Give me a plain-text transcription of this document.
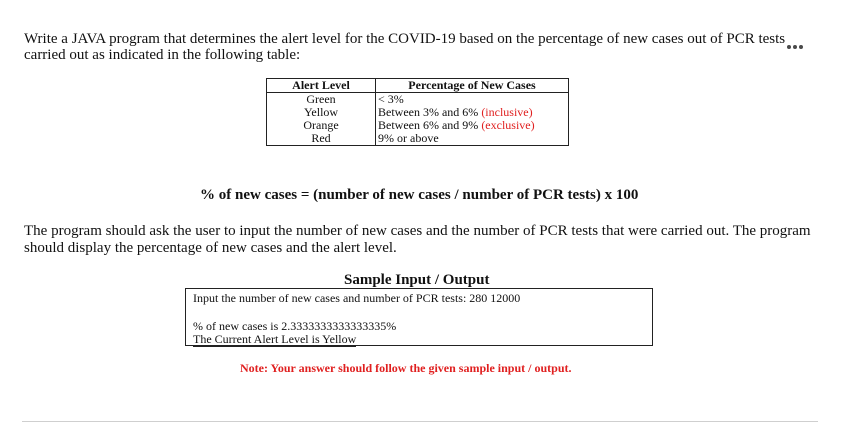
Write a JAVA program that determines the alert level for the COVID-19 based on the percentage of new cases out of PCR tests
carried out as indicated in the following table:
Alert Level	Percentage of New Cases
Green	< 3%
Yellow	Between 3% and 6% (inclusive)
Orange	Between 6% and 9% (exclusive)
Red	9% or above
% of new cases = (number of new cases / number of PCR tests) x 100
The program should ask the user to input the number of new cases and the number of PCR tests that were carried out. The program
should display the percentage of new cases and the alert level.
Sample Input / Output
Input the number of new cases and number of PCR tests: 280 12000
% of new cases is 2.3333333333333335%
The Current Alert Level is Yellow
Note: Your answer should follow the given sample input / output.
